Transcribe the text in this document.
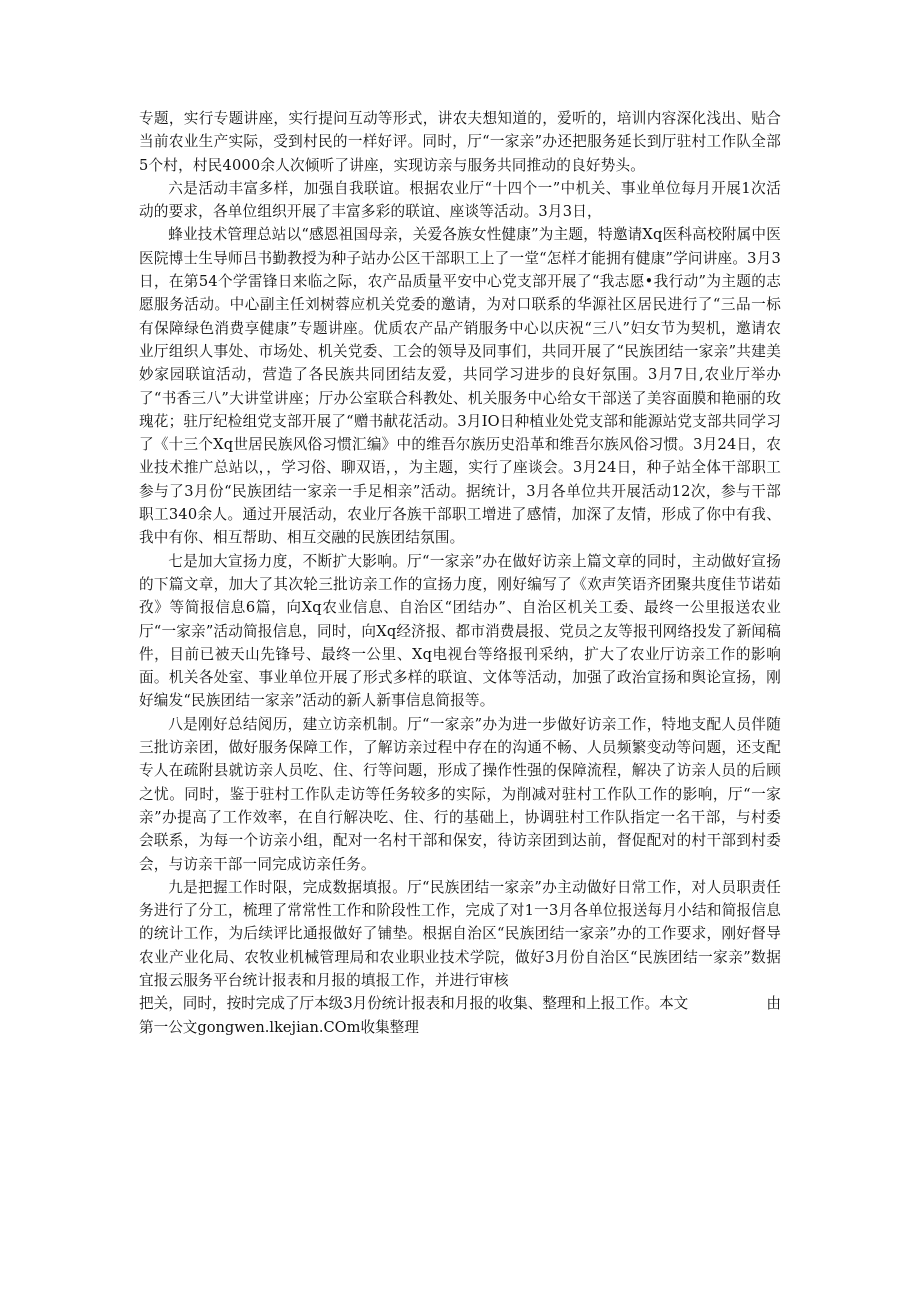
专题，实行专题讲座，实行提问互动等形式，讲农夫想知道的，爱听的，培训内容深化浅出、贴合当前农业生产实际，受到村民的一样好评。同时，厅“一家亲”办还把服务延长到厅驻村工作队全部5个村，村民4000余人次倾听了讲座，实现访亲与服务共同推动的良好势头。

六是活动丰富多样，加强自我联谊。根据农业厅“十四个一”中机关、事业单位每月开展1次活动的要求，各单位组织开展了丰富多彩的联谊、座谈等活动。3月3日，

蜂业技术管理总站以“感恩祖国母亲，关爱各族女性健康”为主题，特邀请Xq医科高校附属中医医院博士生导师吕书勤教授为种子站办公区干部职工上了一堂“怎样才能拥有健康”学问讲座。3月3日，在第54个学雷锋日来临之际，农产品质量平安中心党支部开展了“我志愿•我行动”为主题的志愿服务活动。中心副主任刘树蓉应机关党委的邀请，为对口联系的华源社区居民进行了“三品一标有保障绿色消费享健康”专题讲座。优质农产品产销服务中心以庆祝“三八”妇女节为契机，邀请农业厅组织人事处、市场处、机关党委、工会的领导及同事们，共同开展了“民族团结一家亲”共建美妙家园联谊活动，营造了各民族共同团结友爱，共同学习进步的良好氛围。3月7日,农业厅举办了“书香三八”大讲堂讲座；厅办公室联合科教处、机关服务中心给女干部送了美容面膜和艳丽的玫瑰花；驻厅纪检组党支部开展了“赠书献花活动。3月IO日种植业处党支部和能源站党支部共同学习了《十三个Xq世居民族风俗习惯汇编》中的维吾尔族历史沿革和维吾尔族风俗习惯。3月24日，农业技术推广总站以，，学习俗、聊双语，，为主题，实行了座谈会。3月24日，种子站全体干部职工参与了3月份“民族团结一家亲一手足相亲”活动。据统计，3月各单位共开展活动12次，参与干部职工340余人。通过开展活动，农业厅各族干部职工增进了感情，加深了友情，形成了你中有我、我中有你、相互帮助、相互交融的民族团结氛围。

七是加大宣扬力度，不断扩大影响。厅“一家亲”办在做好访亲上篇文章的同时，主动做好宣扬的下篇文章，加大了其次轮三批访亲工作的宣扬力度，刚好编写了《欢声笑语齐团聚共度佳节诺茹孜》等简报信息6篇，向Xq农业信息、自治区“团结办”、自治区机关工委、最终一公里报送农业厅“一家亲”活动简报信息，同时，向Xq经济报、都市消费晨报、党员之友等报刊网络投发了新闻稿件，目前已被天山先锋号、最终一公里、Xq电视台等络报刊采纳，扩大了农业厅访亲工作的影响面。机关各处室、事业单位开展了形式多样的联谊、文体等活动，加强了政治宣扬和舆论宣扬，刚好编发“民族团结一家亲”活动的新人新事信息简报等。

八是刚好总结阅历，建立访亲机制。厅“一家亲”办为进一步做好访亲工作，特地支配人员伴随三批访亲团，做好服务保障工作，了解访亲过程中存在的沟通不畅、人员频繁变动等问题，还支配专人在疏附县就访亲人员吃、住、行等问题，形成了操作性强的保障流程，解决了访亲人员的后顾之忧。同时，鉴于驻村工作队走访等任务较多的实际，为削减对驻村工作队工作的影响，厅“一家亲”办提高了工作效率，在自行解决吃、住、行的基础上，协调驻村工作队指定一名干部，与村委会联系，为每一个访亲小组，配对一名村干部和保安，待访亲团到达前，督促配对的村干部到村委会，与访亲干部一同完成访亲任务。

九是把握工作时限，完成数据填报。厅“民族团结一家亲”办主动做好日常工作，对人员职责任务进行了分工，梳理了常常性工作和阶段性工作，完成了对1一3月各单位报送每月小结和简报信息的统计工作，为后续评比通报做好了铺垫。根据自治区“民族团结一家亲”办的工作要求，刚好督导农业产业化局、农牧业机械管理局和农业职业技术学院，做好3月份自治区“民族团结一家亲”数据宜报云服务平台统计报表和月报的填报工作，并进行审核

把关，同时，按时完成了厅本级3月份统计报表和月报的收集、整理和上报工作。本文	由
第一公文gongwen.lkejian.COm收集整理
